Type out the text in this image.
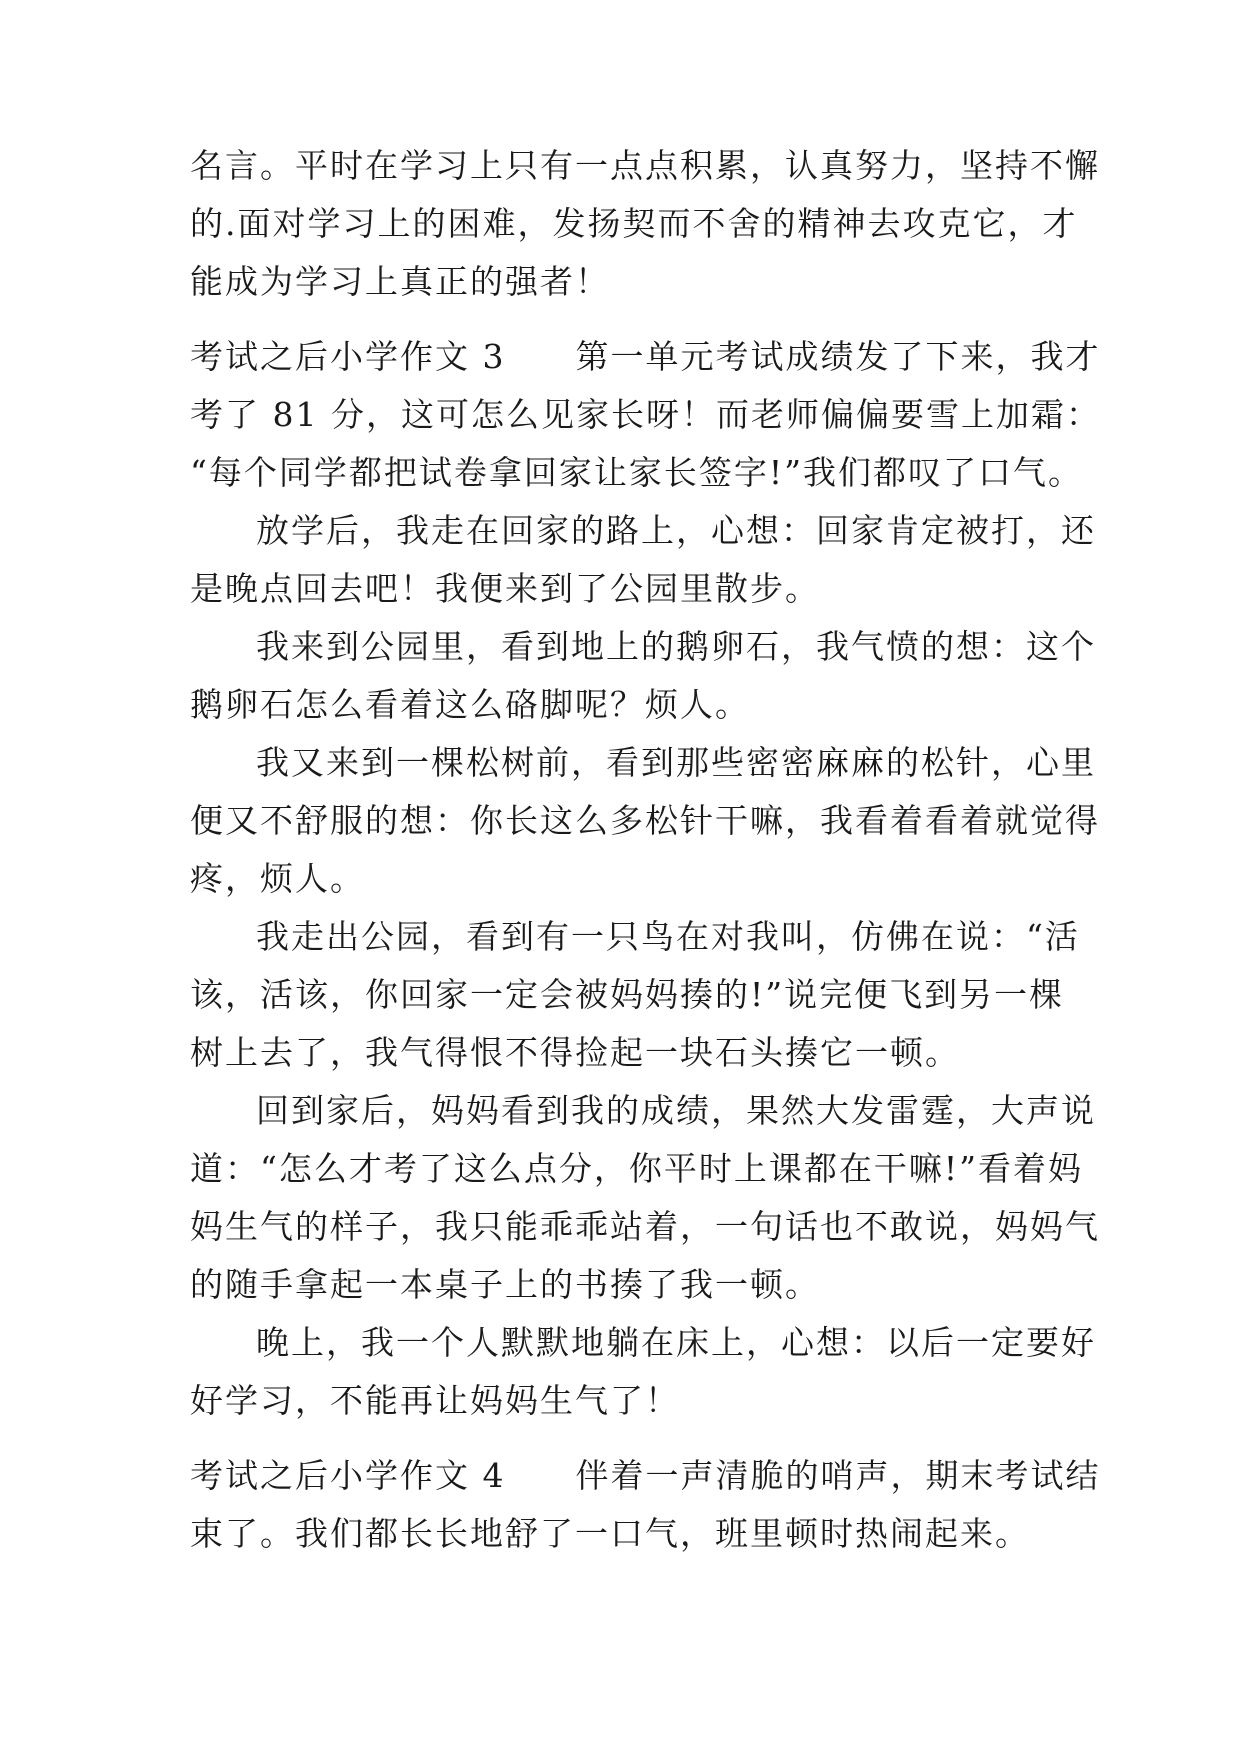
名言。平时在学习上只有一点点积累，认真努力，坚持不懈
的.面对学习上的困难，发扬契而不舍的精神去攻克它，才
能成为学习上真正的强者！
考试之后小学作文 3　　第一单元考试成绩发了下来，我才
考了 81 分，这可怎么见家长呀！而老师偏偏要雪上加霜：
“每个同学都把试卷拿回家让家长签字!”我们都叹了口气。
放学后，我走在回家的路上，心想：回家肯定被打，还
是晚点回去吧！我便来到了公园里散步。
我来到公园里，看到地上的鹅卵石，我气愤的想：这个
鹅卵石怎么看着这么硌脚呢？烦人。
我又来到一棵松树前，看到那些密密麻麻的松针，心里
便又不舒服的想：你长这么多松针干嘛，我看着看着就觉得
疼，烦人。
我走出公园，看到有一只鸟在对我叫，仿佛在说：“活
该，活该，你回家一定会被妈妈揍的!”说完便飞到另一棵
树上去了，我气得恨不得捡起一块石头揍它一顿。
回到家后，妈妈看到我的成绩，果然大发雷霆，大声说
道：“怎么才考了这么点分，你平时上课都在干嘛!”看着妈
妈生气的样子，我只能乖乖站着，一句话也不敢说，妈妈气
的随手拿起一本桌子上的书揍了我一顿。
晚上，我一个人默默地躺在床上，心想：以后一定要好
好学习，不能再让妈妈生气了！
考试之后小学作文 4　　伴着一声清脆的哨声，期末考试结
束了。我们都长长地舒了一口气，班里顿时热闹起来。
